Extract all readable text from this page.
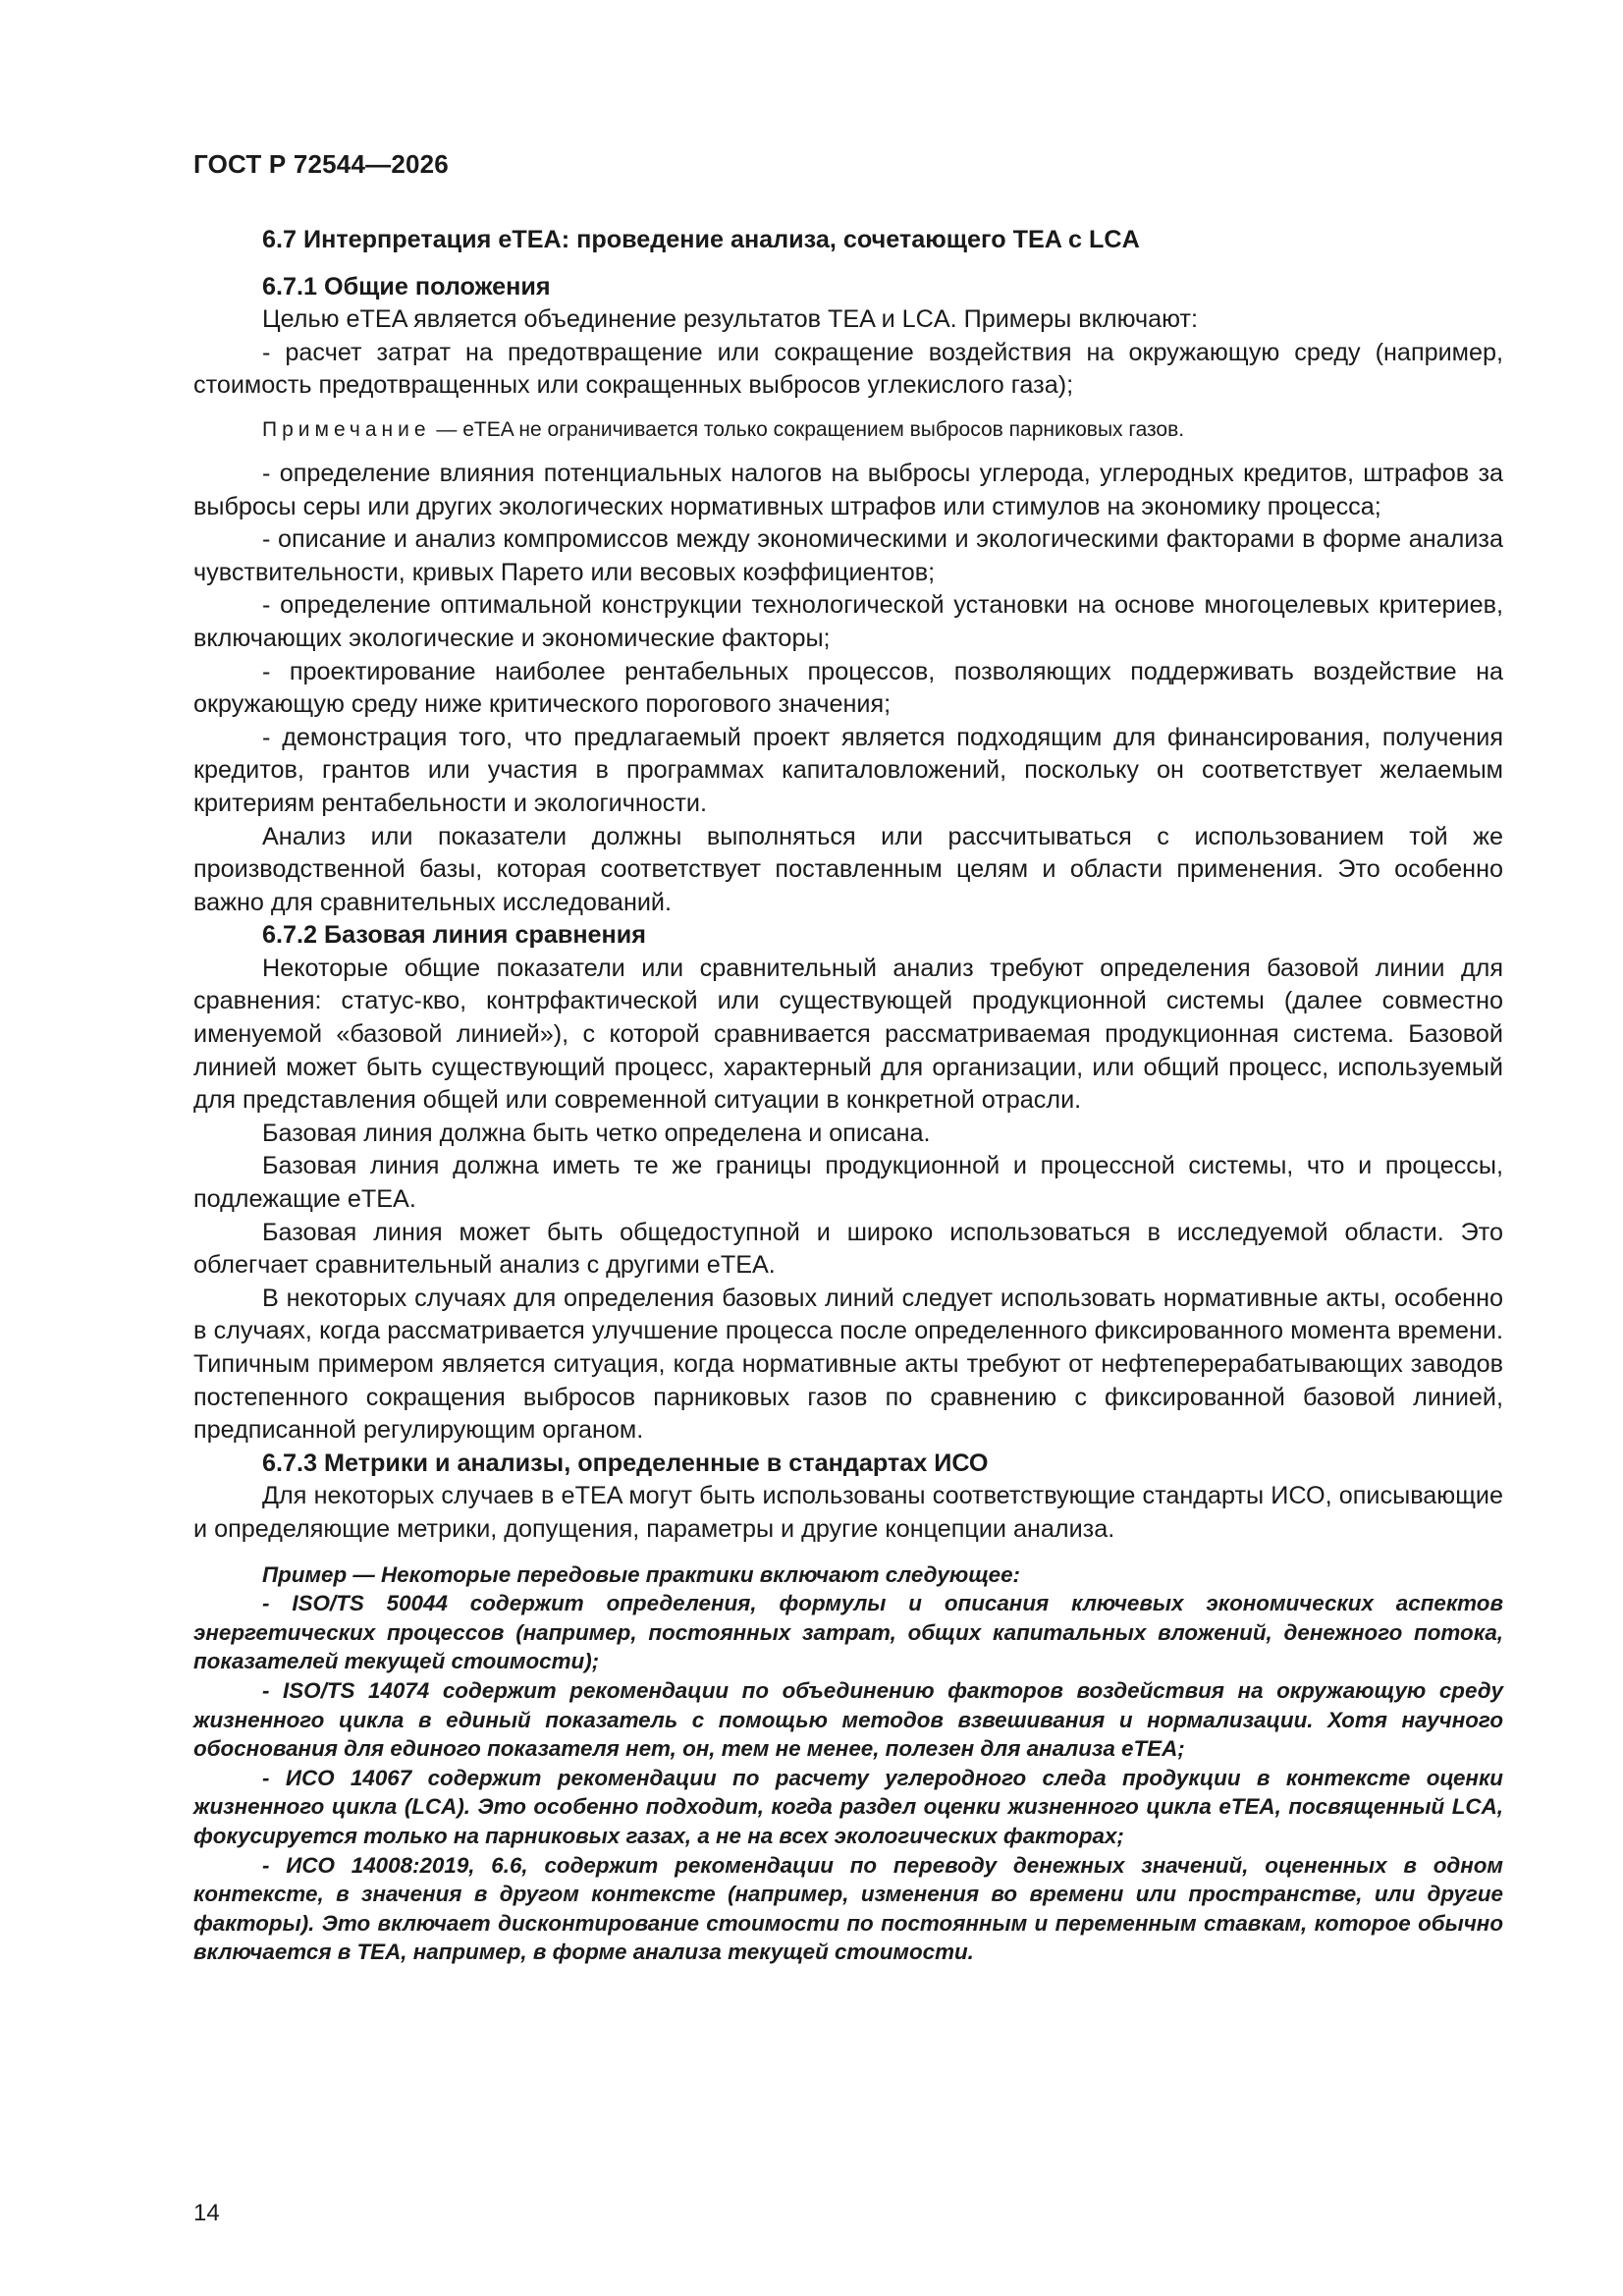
ГОСТ Р 72544—2026
6.7 Интерпретация eTEA: проведение анализа, сочетающего TEA с LCA
6.7.1 Общие положения

Целью eTEA является объединение результатов TEA и LCA. Примеры включают:

- расчет затрат на предотвращение или сокращение воздействия на окружающую среду (например, стоимость предотвращенных или сокращенных выбросов углекислого газа);

Примечание — eTEA не ограничивается только сокращением выбросов парниковых газов.

- определение влияния потенциальных налогов на выбросы углерода, углеродных кредитов, штрафов за выбросы серы или других экологических нормативных штрафов или стимулов на экономику процесса;

- описание и анализ компромиссов между экономическими и экологическими факторами в форме анализа чувствительности, кривых Парето или весовых коэффициентов;

- определение оптимальной конструкции технологической установки на основе многоцелевых критериев, включающих экологические и экономические факторы;

- проектирование наиболее рентабельных процессов, позволяющих поддерживать воздействие на окружающую среду ниже критического порогового значения;

- демонстрация того, что предлагаемый проект является подходящим для финансирования, получения кредитов, грантов или участия в программах капиталовложений, поскольку он соответствует желаемым критериям рентабельности и экологичности.

Анализ или показатели должны выполняться или рассчитываться с использованием той же производственной базы, которая соответствует поставленным целям и области применения. Это особенно важно для сравнительных исследований.

6.7.2 Базовая линия сравнения

Некоторые общие показатели или сравнительный анализ требуют определения базовой линии для сравнения: статус-кво, контрфактической или существующей продукционной системы (далее совместно именуемой «базовой линией»), с которой сравнивается рассматриваемая продукционная система. Базовой линией может быть существующий процесс, характерный для организации, или общий процесс, используемый для представления общей или современной ситуации в конкретной отрасли.

Базовая линия должна быть четко определена и описана.

Базовая линия должна иметь те же границы продукционной и процессной системы, что и процессы, подлежащие eTEA.

Базовая линия может быть общедоступной и широко использоваться в исследуемой области. Это облегчает сравнительный анализ с другими eTEA.

В некоторых случаях для определения базовых линий следует использовать нормативные акты, особенно в случаях, когда рассматривается улучшение процесса после определенного фиксированного момента времени. Типичным примером является ситуация, когда нормативные акты требуют от нефтеперерабатывающих заводов постепенного сокращения выбросов парниковых газов по сравнению с фиксированной базовой линией, предписанной регулирующим органом.

6.7.3 Метрики и анализы, определенные в стандартах ИСО

Для некоторых случаев в eTEA могут быть использованы соответствующие стандарты ИСО, описывающие и определяющие метрики, допущения, параметры и другие концепции анализа.

Пример — Некоторые передовые практики включают следующее:

- ISO/TS 50044 содержит определения, формулы и описания ключевых экономических аспектов энергетических процессов (например, постоянных затрат, общих капитальных вложений, денежного потока, показателей текущей стоимости);

- ISO/TS 14074 содержит рекомендации по объединению факторов воздействия на окружающую среду жизненного цикла в единый показатель с помощью методов взвешивания и нормализации. Хотя научного обоснования для единого показателя нет, он, тем не менее, полезен для анализа eTEA;

- ИСО 14067 содержит рекомендации по расчету углеродного следа продукции в контексте оценки жизненного цикла (LCA). Это особенно подходит, когда раздел оценки жизненного цикла eTEA, посвященный LCA, фокусируется только на парниковых газах, а не на всех экологических факторах;

- ИСО 14008:2019, 6.6, содержит рекомендации по переводу денежных значений, оцененных в одном контексте, в значения в другом контексте (например, изменения во времени или пространстве, или другие факторы). Это включает дисконтирование стоимости по постоянным и переменным ставкам, которое обычно включается в TEA, например, в форме анализа текущей стоимости.

14
